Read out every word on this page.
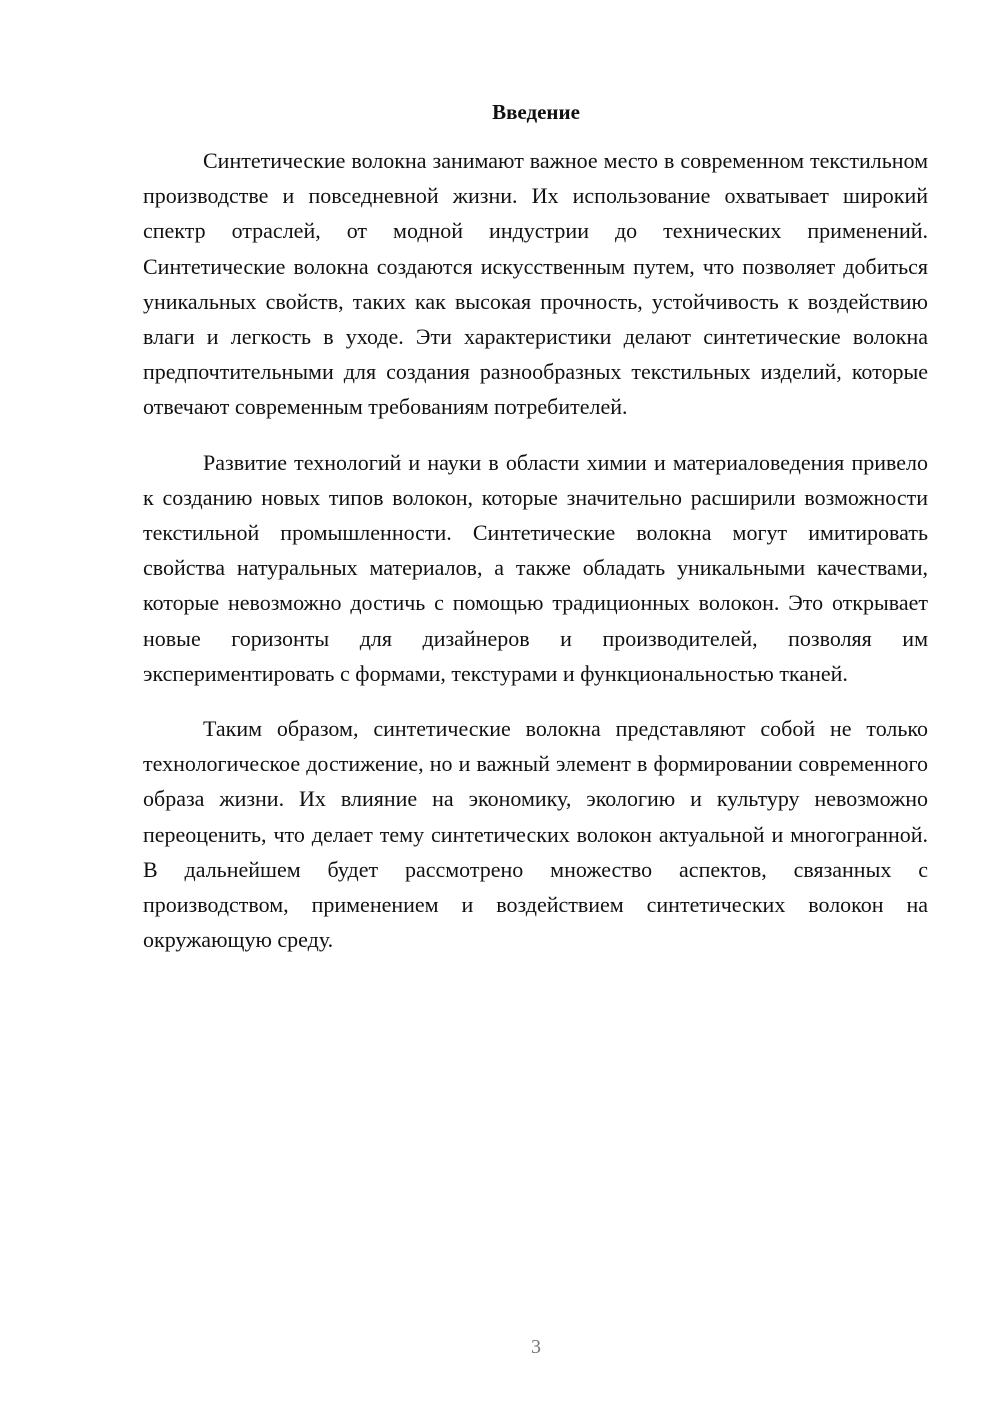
Введение

Синтетические волокна занимают важное место в современном текстильном производстве и повседневной жизни. Их использование охватывает широкий спектр отраслей, от модной индустрии до технических применений. Синтетические волокна создаются искусственным путем, что позволяет добиться уникальных свойств, таких как высокая прочность, устойчивость к воздействию влаги и легкость в уходе. Эти характеристики делают синтетические волокна предпочтительными для создания разнообразных текстильных изделий, которые отвечают современным требованиям потребителей.

Развитие технологий и науки в области химии и материаловедения привело к созданию новых типов волокон, которые значительно расширили возможности текстильной промышленности. Синтетические волокна могут имитировать свойства натуральных материалов, а также обладать уникальными качествами, которые невозможно достичь с помощью традиционных волокон. Это открывает новые горизонты для дизайнеров и производителей, позволяя им экспериментировать с формами, текстурами и функциональностью тканей.

Таким образом, синтетические волокна представляют собой не только технологическое достижение, но и важный элемент в формировании современного образа жизни. Их влияние на экономику, экологию и культуру невозможно переоценить, что делает тему синтетических волокон актуальной и многогранной. В дальнейшем будет рассмотрено множество аспектов, связанных с производством, применением и воздействием синтетических волокон на окружающую среду.

3
